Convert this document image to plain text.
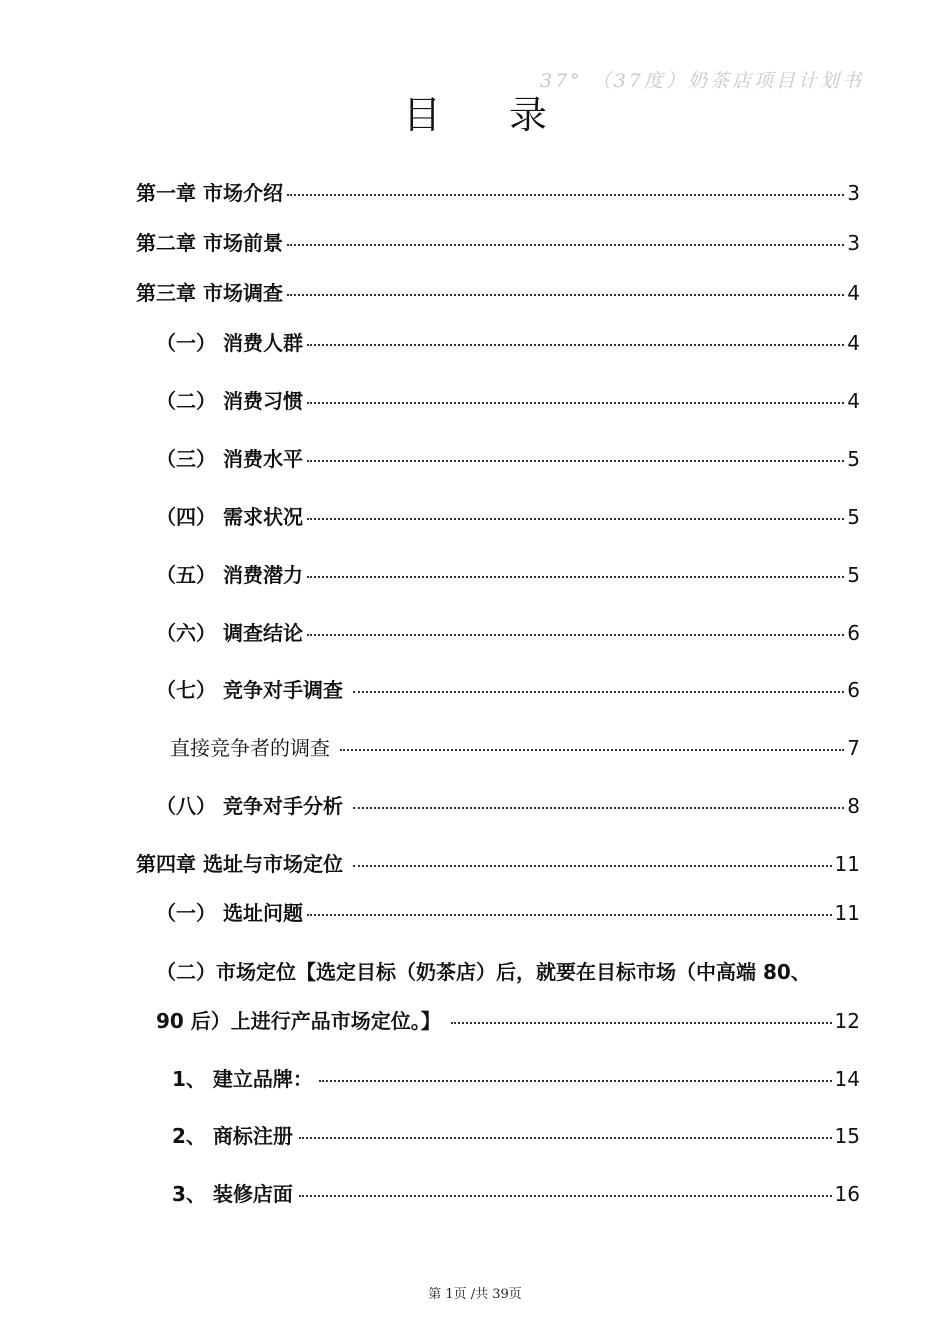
37° （37度）奶茶店项目计划书
目 录
第一章 市场介绍	3
第二章 市场前景	3
第三章 市场调查	4
（一） 消费人群	4
（二） 消费习惯	4
（三） 消费水平	5
（四） 需求状况	5
（五） 消费潜力	5
（六） 调查结论	6
（七） 竞争对手调查	6
直接竞争者的调查	7
（八） 竞争对手分析	8
第四章 选址与市场定位	11
（一） 选址问题	11
（二）市场定位【选定目标（奶茶店）后，就要在目标市场（中高端 80、
90 后）上进行产品市场定位。】	12
1、 建立品牌：	14
2、 商标注册	15
3、 装修店面	16
第 1页 /共 39页
